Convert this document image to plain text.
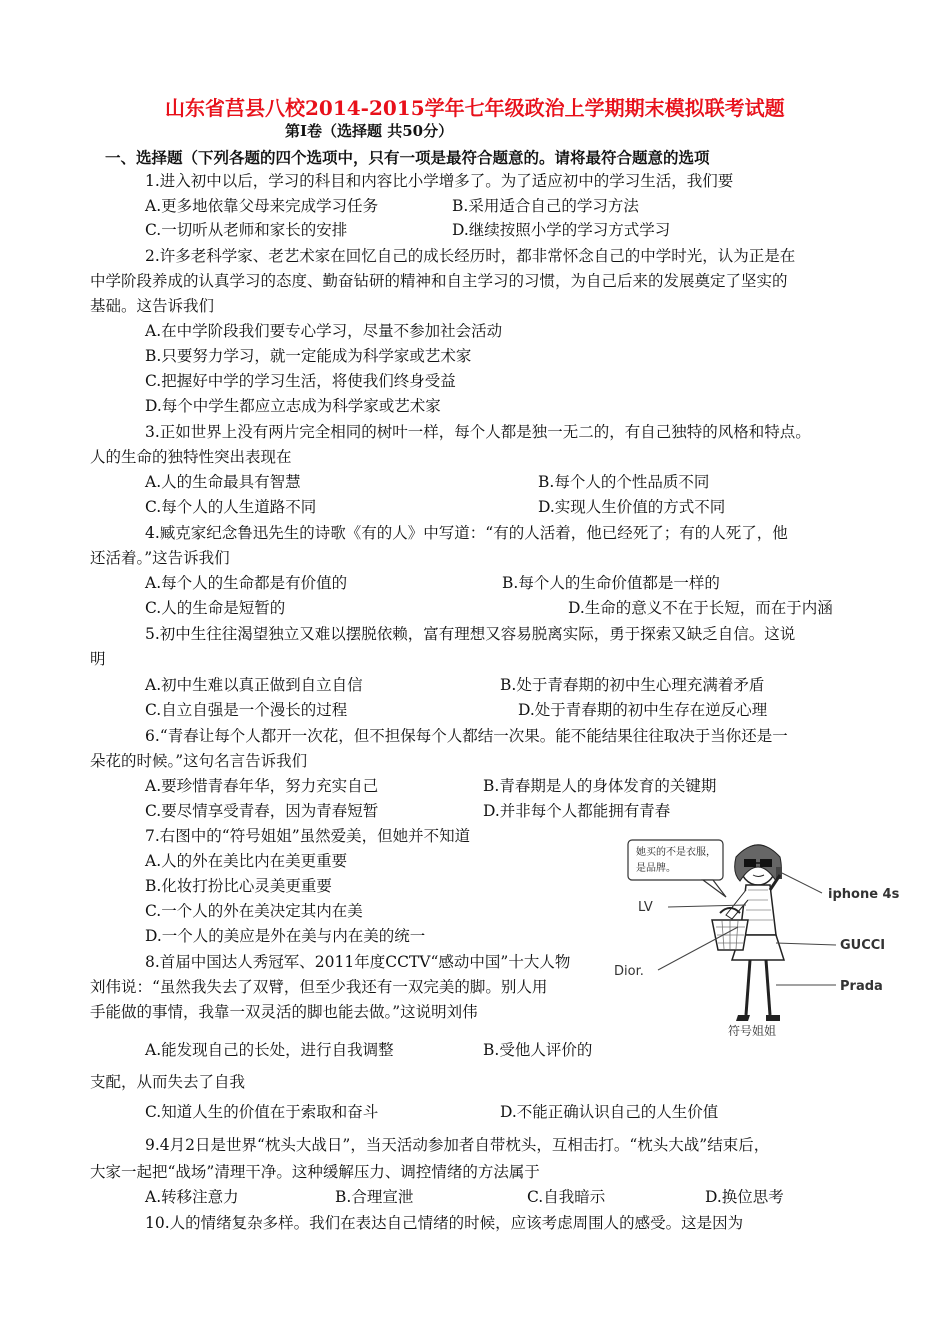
山东省莒县八校2014-2015学年七年级政治上学期期末模拟联考试题
第Ⅰ卷（选择题 共50分）
一、选择题（下列各题的四个选项中，只有一项是最符合题意的。请将最符合题意的选项
1.进入初中以后，学习的科目和内容比小学增多了。为了适应初中的学习生活，我们要
A.更多地依靠父母来完成学习任务	B.采用适合自己的学习方法
C.一切听从老师和家长的安排	D.继续按照小学的学习方式学习
2.许多老科学家、老艺术家在回忆自己的成长经历时，都非常怀念自己的中学时光，认为正是在
中学阶段养成的认真学习的态度、勤奋钻研的精神和自主学习的习惯，为自己后来的发展奠定了坚实的
基础。这告诉我们
A.在中学阶段我们要专心学习，尽量不参加社会活动
B.只要努力学习，就一定能成为科学家或艺术家
C.把握好中学的学习生活，将使我们终身受益
D.每个中学生都应立志成为科学家或艺术家
3.正如世界上没有两片完全相同的树叶一样，每个人都是独一无二的，有自己独特的风格和特点。
人的生命的独特性突出表现在
A.人的生命最具有智慧	B.每个人的个性品质不同
C.每个人的人生道路不同	D.实现人生价值的方式不同
4.臧克家纪念鲁迅先生的诗歌《有的人》中写道：“有的人活着，他已经死了；有的人死了，他
还活着。”这告诉我们
A.每个人的生命都是有价值的	B.每个人的生命价值都是一样的
C.人的生命是短暂的	D.生命的意义不在于长短，而在于内涵
5.初中生往往渴望独立又难以摆脱依赖，富有理想又容易脱离实际，勇于探索又缺乏自信。这说
明
A.初中生难以真正做到自立自信	B.处于青春期的初中生心理充满着矛盾
C.自立自强是一个漫长的过程	D.处于青春期的初中生存在逆反心理
6.“青春让每个人都开一次花，但不担保每个人都结一次果。能不能结果往往取决于当你还是一
朵花的时候。”这句名言告诉我们
A.要珍惜青春年华，努力充实自己	B.青春期是人的身体发育的关键期
C.要尽情享受青春，因为青春短暂	D.并非每个人都能拥有青春
7.右图中的“符号姐姐”虽然爱美，但她并不知道
A.人的外在美比内在美更重要
B.化妆打扮比心灵美更重要
C.一个人的外在美决定其内在美
D.一个人的美应是外在美与内在美的统一
8.首届中国达人秀冠军、2011年度CCTV“感动中国”十大人物
刘伟说：“虽然我失去了双臂，但至少我还有一双完美的脚。别人用
手能做的事情，我靠一双灵活的脚也能去做。”这说明刘伟
A.能发现自己的长处，进行自我调整	B.受他人评价的
支配，从而失去了自我
C.知道人生的价值在于索取和奋斗	D.不能正确认识自己的人生价值
9.4月2日是世界“枕头大战日”，当天活动参加者自带枕头，互相击打。“枕头大战”结束后，
大家一起把“战场”清理干净。这种缓解压力、调控情绪的方法属于
A.转移注意力	B.合理宣泄	C.自我暗示	D.换位思考
10.人的情绪复杂多样。我们在表达自己情绪的时候，应该考虑周围人的感受。这是因为
她买的不是衣服，
是品牌。
LV
iphone 4s
GUCCI
Dior.
Prada
符号姐姐
